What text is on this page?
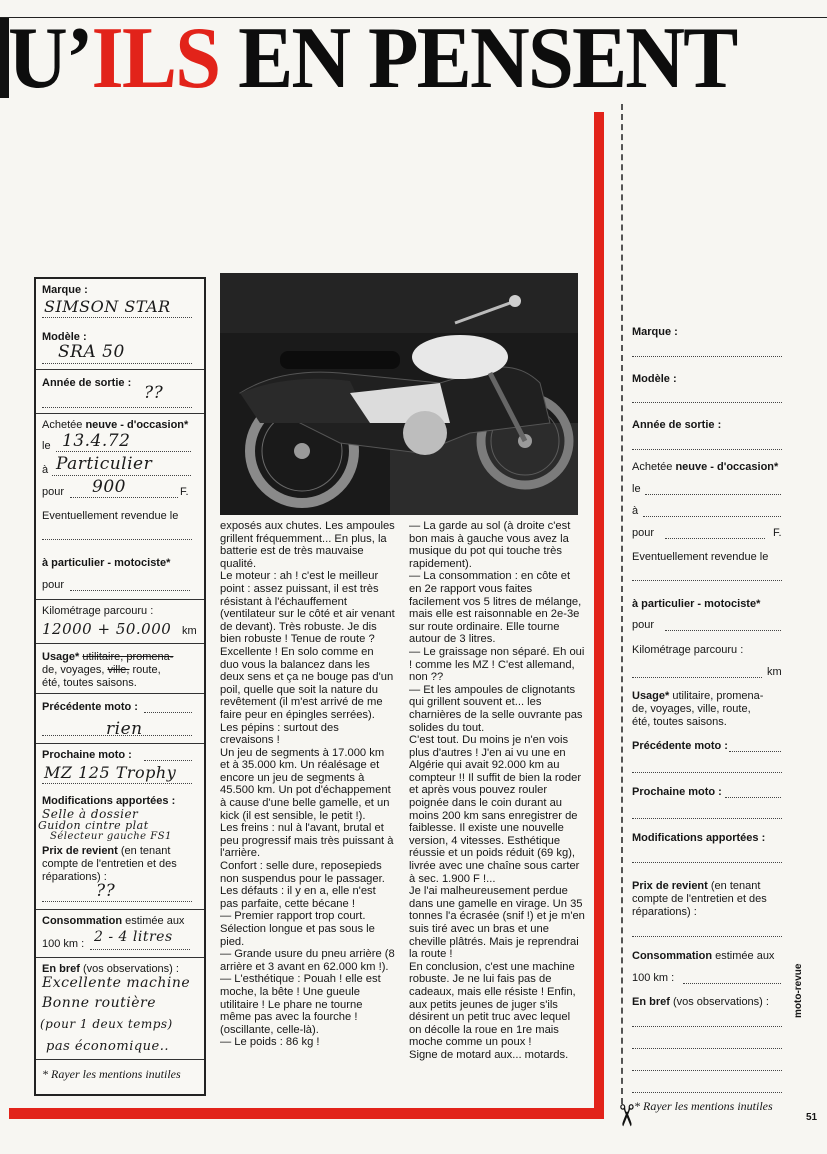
U’ILS EN PENSENT
Marque :
SIMSON STAR
Modèle :
SRA 50
Année de sortie : ??
Achetée neuve - d'occasion*
le 13.4.72
à Particulier
pour 900	F.
Eventuellement revendue le
à particulier - motociste*
pour
Kilométrage parcouru :
12000 + 50.000 km
Usage* utilitaire, promena-
de, voyages, ville, route,
été, toutes saisons.
Précédente moto :
rien
Prochaine moto :
MZ 125 Trophy
Modifications apportées :
Selle à dossier
Guidon cintre plat
Sélecteur gauche FS1
Prix de revient (en tenant
compte de l'entretien et des
réparations) :
??
Consommation estimée aux
100 km : 2 - 4 litres
En bref (vos observations) :
Excellente machine
Bonne routière
(pour 1 deux temps)
pas économique..
* Rayer les mentions inutiles

exposés aux chutes. Les ampoules grillent fréquemment... En plus, la batterie est de très mauvaise qualité.

Le moteur : ah ! c'est le meilleur point : assez puissant, il est très résistant à l'échauffement (ventilateur sur le côté et air venant de devant). Très robuste. Je dis bien robuste ! Tenue de route ? Excellente ! En solo comme en duo vous la balancez dans les deux sens et ça ne bouge pas d'un poil, quelle que soit la nature du revêtement (il m'est arrivé de me faire peur en épingles serrées).

Les pépins : surtout des crevaisons !

Un jeu de segments à 17.000 km et à 35.000 km. Un réalésage et encore un jeu de segments à 45.500 km. Un pot d'échappement à cause d'une belle gamelle, et un kick (il est sensible, le petit !).

Les freins : nul à l'avant, brutal et peu progressif mais très puissant à l'arrière.

Confort : selle dure, reposepieds non suspendus pour le passager.

Les défauts : il y en a, elle n'est pas parfaite, cette bécane !

— Premier rapport trop court. Sélection longue et pas sous le pied.

— Grande usure du pneu arrière (8 arrière et 3 avant en 62.000 km !).

— L'esthétique : Pouah ! elle est moche, la bête ! Une gueule utilitaire ! Le phare ne tourne même pas avec la fourche ! (oscillante, celle-là).

— Le poids : 86 kg !

— La garde au sol (à droite c'est bon mais à gauche vous avez la musique du pot qui touche très rapidement).

— La consommation : en côte et en 2e rapport vous faites facilement vos 5 litres de mélange, mais elle est raisonnable en 2e-3e sur route ordinaire. Elle tourne autour de 3 litres.

— Le graissage non séparé. Eh oui ! comme les MZ ! C'est allemand, non ??

— Et les ampoules de clignotants qui grillent souvent et... les charnières de la selle ouvrante pas solides du tout.

C'est tout. Du moins je n'en vois plus d'autres ! J'en ai vu une en Algérie qui avait 92.000 km au compteur !! Il suffit de bien la roder et après vous pouvez rouler poignée dans le coin durant au moins 200 km sans enregistrer de faiblesse. Il existe une nouvelle version, 4 vitesses. Esthétique réussie et un poids réduit (69 kg), livrée avec une chaîne sous carter à sec. 1.900 F !...

Je l'ai malheureusement perdue dans une gamelle en virage. Un 35 tonnes l'a écrasée (snif !) et je m'en suis tiré avec un bras et une cheville plâtrés. Mais je reprendrai la route !

En conclusion, c'est une machine robuste. Je ne lui fais pas de cadeaux, mais elle résiste ! Enfin, aux petits jeunes de juger s'ils désirent un petit truc avec lequel on décolle la roue en 1re mais moche comme un poux !

Signe de motard aux... motards.

Marque :
Modèle :
Année de sortie :
Achetée neuve - d'occasion*
le
à
pour	F.
Eventuellement revendue le
à particulier - motociste*
pour
Kilométrage parcouru :
km
Usage* utilitaire, promena-
de, voyages, ville, route,
été, toutes saisons.
Précédente moto :
Prochaine moto :
Modifications apportées :
Prix de revient (en tenant
compte de l'entretien et des
réparations) :
Consommation estimée aux
100 km :
En bref (vos observations) :
* Rayer les mentions inutiles
✂
moto-revue
51
